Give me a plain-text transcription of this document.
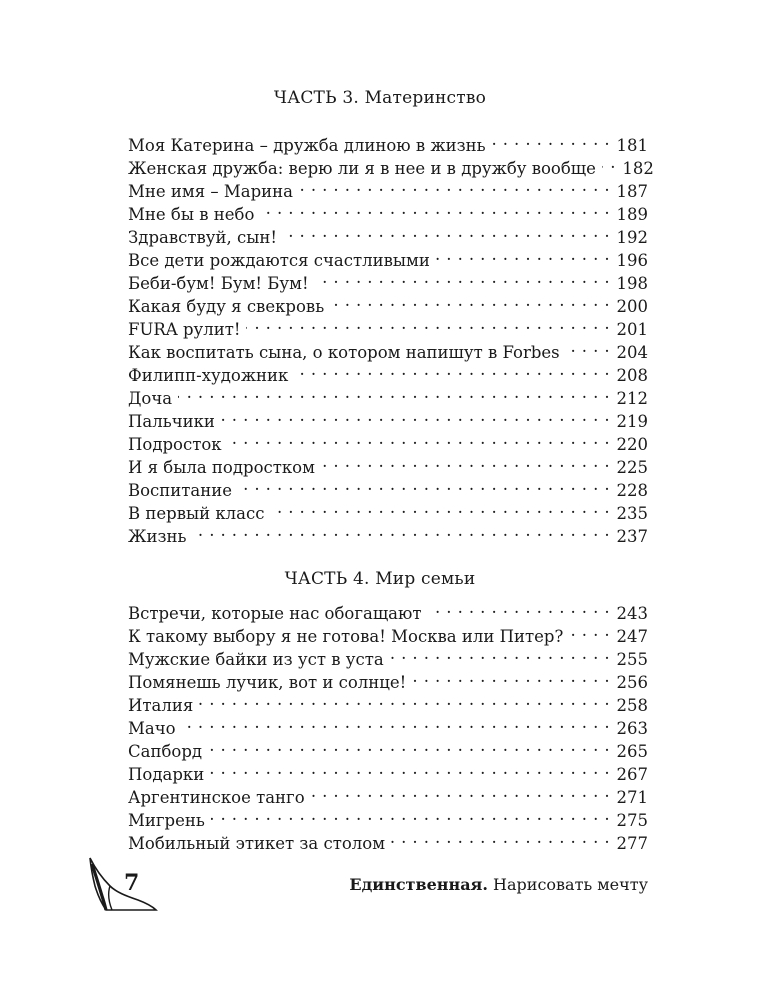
ЧАСТЬ 3. Материнство
Моя Катерина – дружба длиною в жизнь . . .	181
Женская дружба: верю ли я в нее и в дружбу вообще . . . 182
Мне имя – Марина . . .	187
Мне бы в небо . . .	189
Здравствуй, сын! . . .	192
Все дети рождаются счастливыми . . .	196
Беби-бум! Бум! Бум! . . .	198
Какая буду я свекровь . . .	200
FURA рулит! . . .	201
Как воспитать сына, о котором напишут в Forbes . . .	204
Филипп-художник . . .	208
Доча . . .	212
Пальчики . . .	219
Подросток . . .	220
И я была подростком . . .	225
Воспитание . . .	228
В первый класс . . .	235
Жизнь . . .	237
ЧАСТЬ 4. Мир семьи
Встречи, которые нас обогащают . . .	243
К такому выбору я не готова! Москва или Питер? . . .	247
Мужские байки из уст в уста . . .	255
Помянешь лучик, вот и солнце! . . .	256
Италия . . .	258
Мачо . . .	263
Сапборд . . .	265
Подарки . . .	267
Аргентинское танго . . .	271
Мигрень . . .	275
Мобильный этикет за столом . . .	277
7	Единственная. Нарисовать мечту
